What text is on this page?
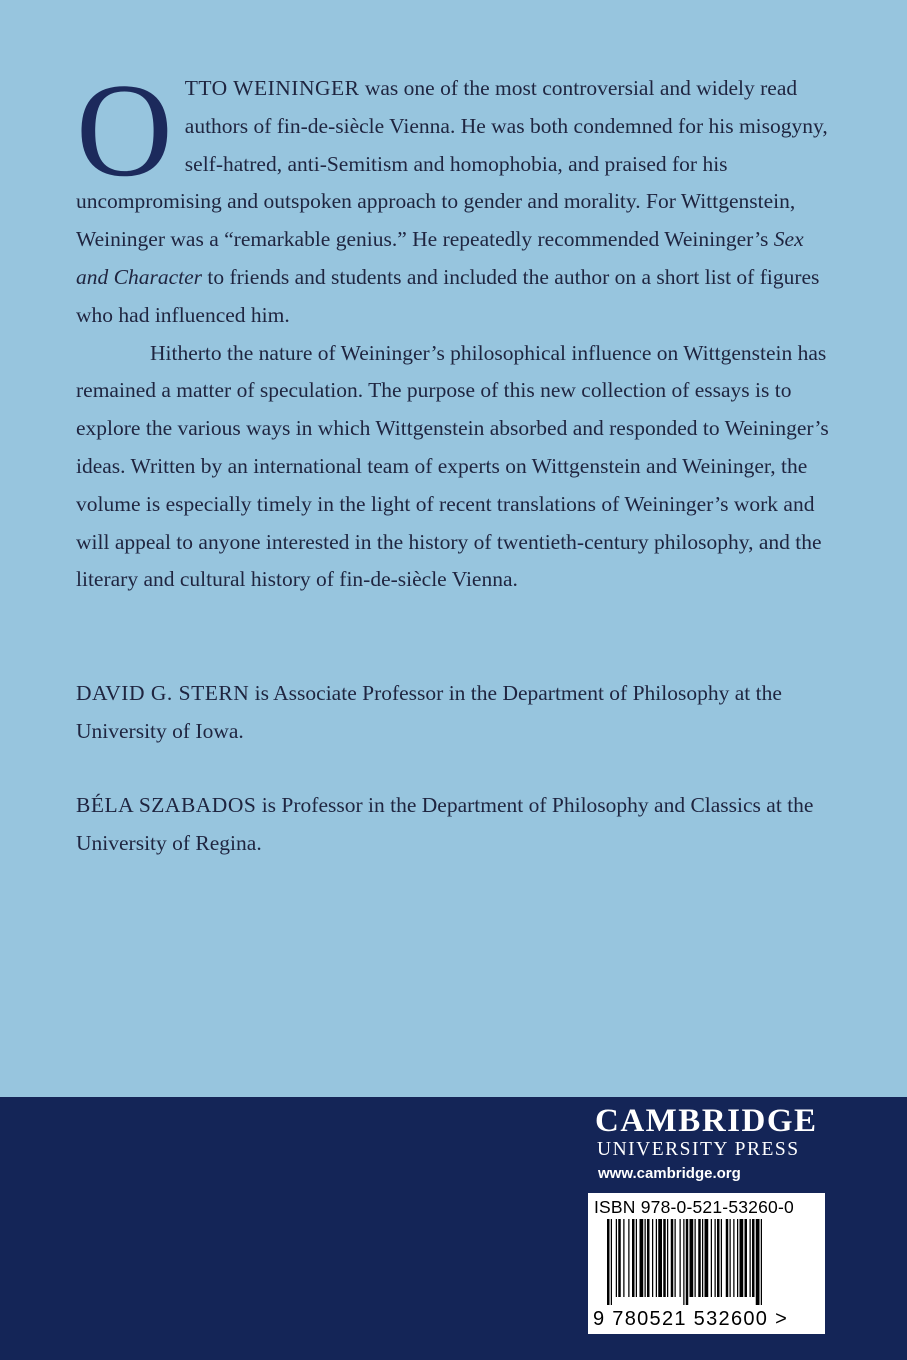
OTTO WEININGER was one of the most controversial and widely read authors of fin-de-siècle Vienna. He was both condemned for his misogyny, self-hatred, anti-Semitism and homophobia, and praised for his uncompromising and outspoken approach to gender and morality. For Wittgenstein, Weininger was a “remarkable genius.” He repeatedly recommended Weininger’s Sex and Character to friends and students and included the author on a short list of figures who had influenced him.

Hitherto the nature of Weininger’s philosophical influence on Wittgenstein has remained a matter of speculation. The purpose of this new collection of essays is to explore the various ways in which Wittgenstein absorbed and responded to Weininger’s ideas. Written by an international team of experts on Wittgenstein and Weininger, the volume is especially timely in the light of recent translations of Weininger’s work and will appeal to anyone interested in the history of twentieth-century philosophy, and the literary and cultural history of fin-de-siècle Vienna.

DAVID G. STERN is Associate Professor in the Department of Philosophy at the University of Iowa.

BÉLA SZABADOS is Professor in the Department of Philosophy and Classics at the University of Regina.

CAMBRIDGE
UNIVERSITY PRESS
www.cambridge.org
ISBN 978-0-521-53260-0
9 780521 532600 >
